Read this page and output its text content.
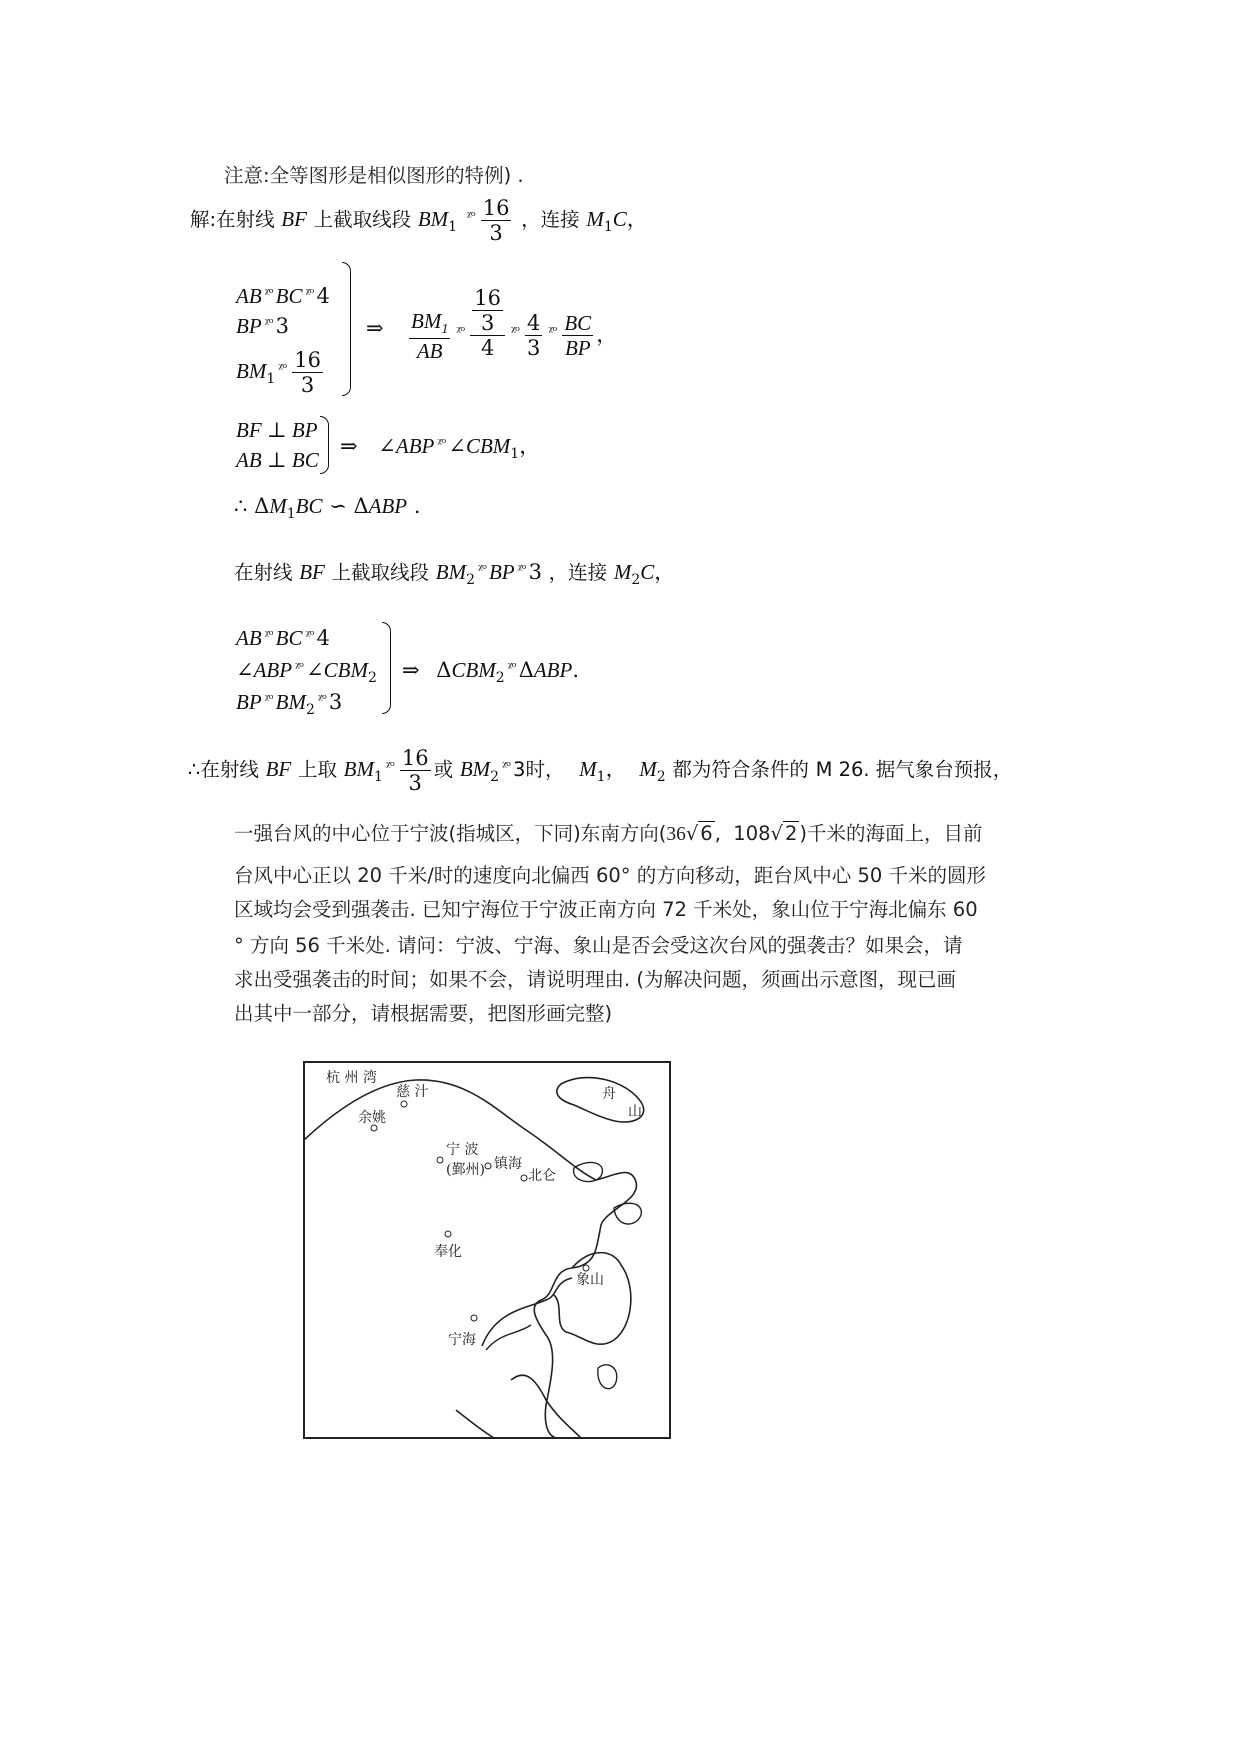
注意:全等图形是相似图形的特例) .
解:在射线 BF 上截取线段 $BM_1$ $^{ᵡᵒ} \frac{16}{3}$ ，连接 $M_1C$，
AB $^{ᵡᵒ}$ BC $^{ᵡᵒ}$ 4
BP $^{ᵡᵒ}$ 3
$BM_1^{ᵡᵒ} \frac{16}{3}$
⇒ $\frac{BM_1}{AB} ^{ᵡᵒ} \frac{\frac{16}{3}}{4} ^{ᵡᵒ} \frac{4}{3} ^{ᵡᵒ} \frac{BC}{BP}$ ，
BF ⊥ BP
AB ⊥ BC
⇒ ∠ABP $^{ᵡᵒ}$ $\angle CBM_1$，
∴ $\Delta M_1BC$ ∽ ΔABP .
在射线 BF 上截取线段 $BM_2^{ᵡᵒ}$ BP $^{ᵡᵒ}$ 3 ，连接 $M_2C$，
AB $^{ᵡᵒ}$ BC $^{ᵡᵒ}$ 4
∠ABP $^{ᵡᵒ}$ $\angle CBM_2$
BP $^{ᵡᵒ}$ $BM_2^{ᵡᵒ}$ 3
⇒ $\Delta CBM_2^{ᵡᵒ}$ ΔABP.
∴在射线 BF 上取 $BM_1^{ᵡᵒ} \frac{16}{3}$ 或 $BM_2^{ᵡᵒ}$ 3时， $M_1$， $M_2$ 都为符合条件的 M 26. 据气象台预报，
一强台风的中心位于宁波(指城区，下同)东南方向(36√ 6 , 108√ 2 )千米的海面上，目前
台风中心正以 20 千米/时的速度向北偏西 60° 的方向移动，距台风中心 50 千米的圆形
区域均会受到强袭击. 已知宁海位于宁波正南方向 72 千米处，象山位于宁海北偏东 60
° 方向 56 千米处. 请问：宁波、宁海、象山是否会受这次台风的强袭击？如果会，请
求出受强袭击的时间；如果不会，请说明理由. (为解决问题，须画出示意图，现已画
出其中一部分，请根据需要，把图形画完整)
杭 州 湾
舟
山
慈 汁
余姚
宁 波
(鄞州) 镇海
北仑
奉化
象山
宁海
